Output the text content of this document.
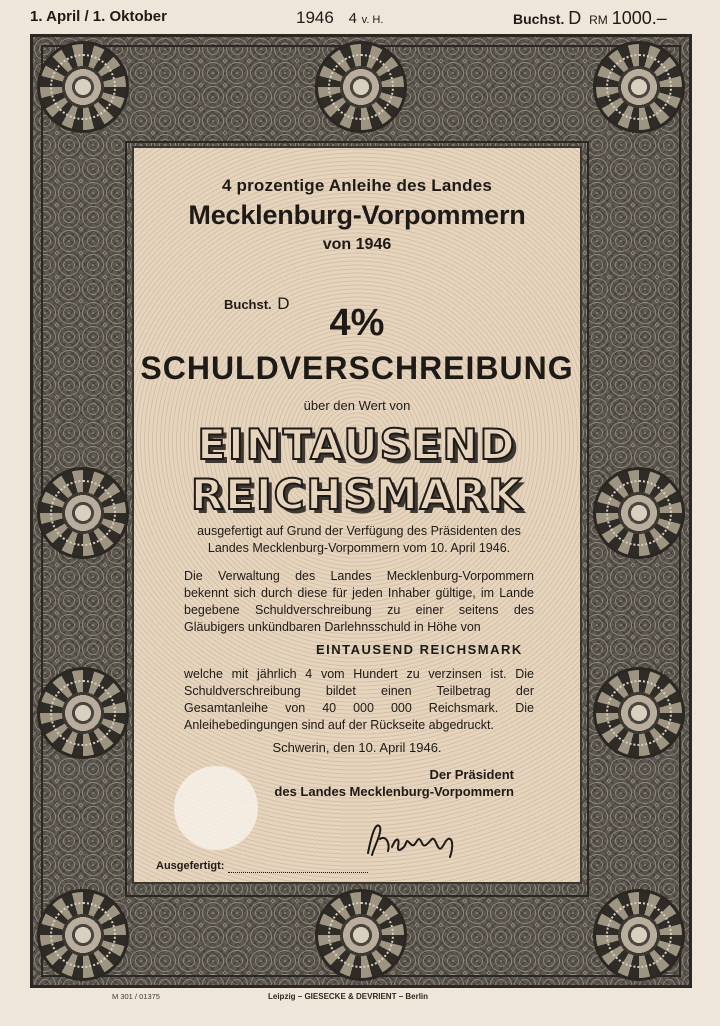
1. April / 1. Oktober	1946 4 v. H.	Buchst. D RM 1000.–
4 prozentige Anleihe des Landes
Mecklenburg-Vorpommern
von 1946
Buchst. D	4%
SCHULDVERSCHREIBUNG
über den Wert von
EINTAUSEND
REICHSMARK
ausgefertigt auf Grund der Verfügung des Präsidenten des Landes Mecklenburg-Vorpommern vom 10. April 1946.
Die Verwaltung des Landes Mecklenburg-Vorpommern bekennt sich durch diese für jeden Inhaber gültige, im Lande begebene Schuldverschreibung zu einer seitens des Gläubigers unkündbaren Darlehnsschuld in Höhe von
EINTAUSEND REICHSMARK
welche mit jährlich 4 vom Hundert zu verzinsen ist. Die Schuldverschreibung bildet einen Teilbetrag der Gesamtanleihe von 40 000 000 Reichsmark. Die Anleihebedingungen sind auf der Rückseite abgedruckt.
Schwerin, den 10. April 1946.
Der Präsident
des Landes Mecklenburg-Vorpommern
Ausgefertigt:
M 301 / 01375	Leipzig – GIESECKE & DEVRIENT – Berlin
